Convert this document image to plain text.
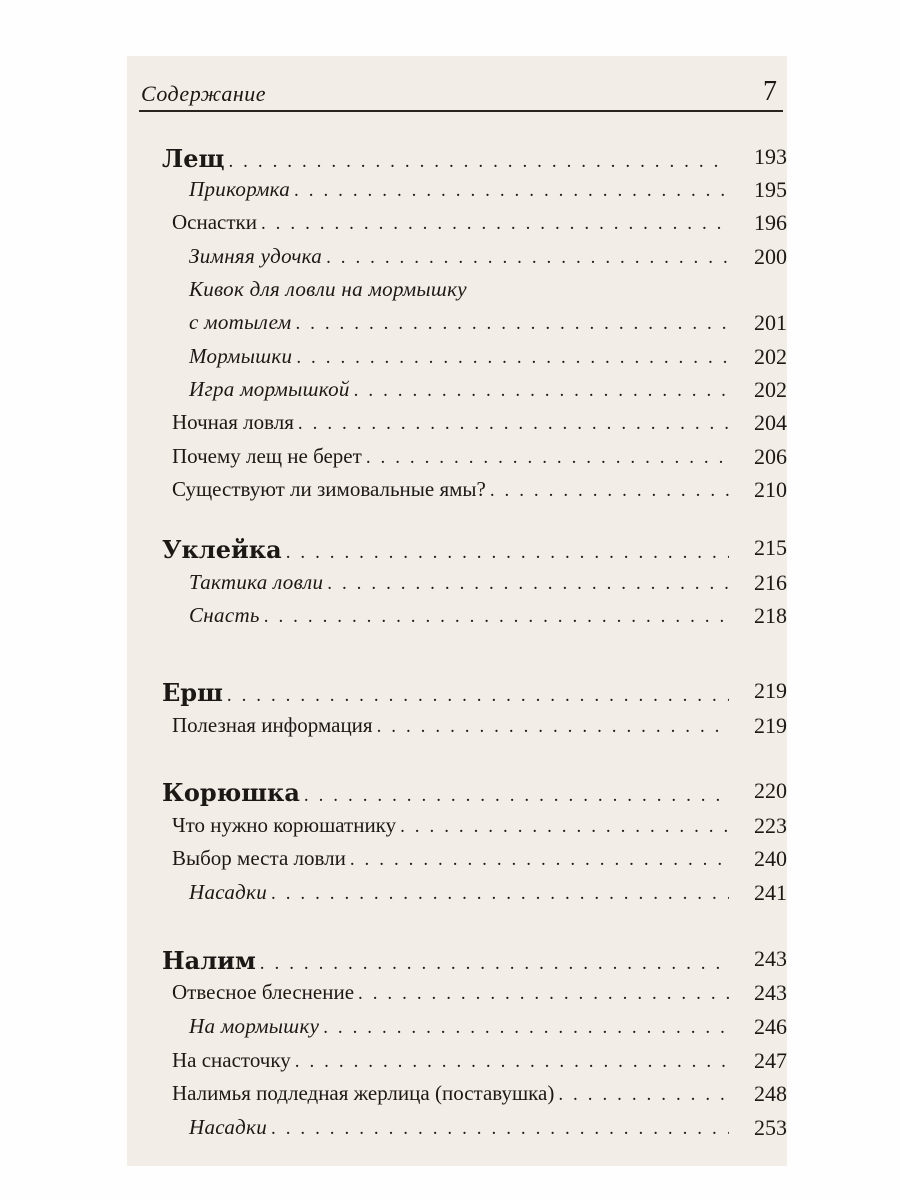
Содержание	7
Лещ . . .	193
Прикормка . . .	195
Оснастки . . .	196
Зимняя удочка . . .	200
Кивок для ловли на мормышку
с мотылем . . .	201
Мормышки . . .	202
Игра мормышкой . . .	202
Ночная ловля . . .	204
Почему лещ не берет . . .	206
Существуют ли зимовальные ямы? . . .	210
Уклейка . . .	215
Тактика ловли . . .	216
Снасть . . .	218
Ерш . . .	219
Полезная информация . . .	219
Корюшка . . .	220
Что нужно корюшатнику . . .	223
Выбор места ловли . . .	240
Насадки . . .	241
Налим . . .	243
Отвесное блеснение . . .	243
На мормышку . . .	246
На снасточку . . .	247
Налимья подледная жерлица (поставушка) . . .	248
Насадки . . .	253
